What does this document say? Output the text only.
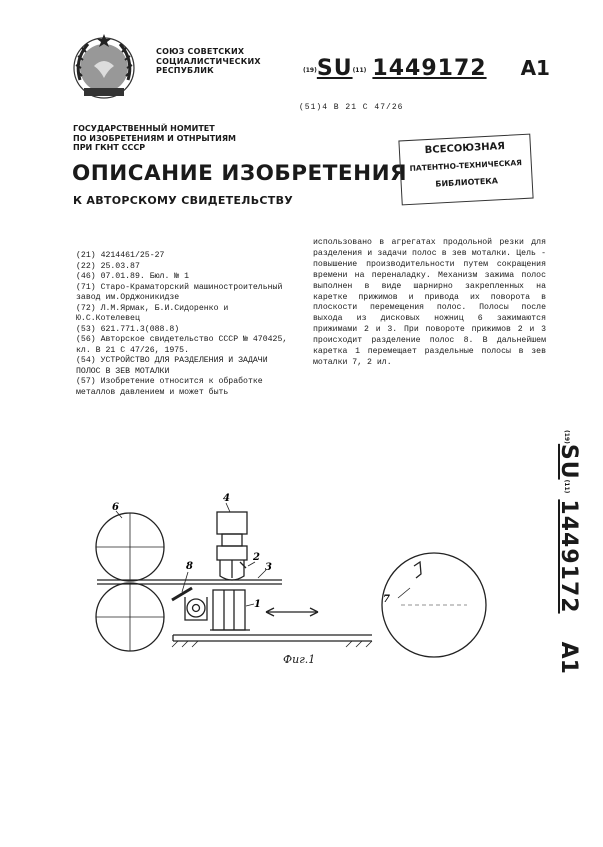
СОЮЗ СОВЕТСКИХ
СОЦИАЛИСТИЧЕСКИХ
РЕСПУБЛИК	(19)SU(11) 1449172 A1
(51)4 В 21 С 47/26
ГОСУДАРСТВЕННЫЙ НОМИТЕТ
ПО ИЗОБРЕТЕНИЯМ И ОТНРЫТИЯМ
ПРИ ГКНТ СССР
ОПИСАНИЕ ИЗОБРЕТЕНИЯ
К АВТОРСКОМУ СВИДЕТЕЛЬСТВУ
ВСЕСОЮЗНАЯ
ПАТЕНТНО-ТЕХНИЧЕСКАЯ
БИБЛИОТЕКА
(21) 4214461/25-27
(22) 25.03.87
(46) 07.01.89. Бюл. № 1
(71) Старо-Краматорский машиностроительный завод им.Орджоникидзе
(72) Л.М.Ярмак, Б.И.Сидоренко и Ю.С.Котелевец
(53) 621.771.3(088.8)
(56) Авторское свидетельство СССР № 470425, кл. В 21 С 47/26, 1975.
(54) УСТРОЙСТВО ДЛЯ РАЗДЕЛЕНИЯ И ЗАДАЧИ ПОЛОС В ЗЕВ МОТАЛКИ
(57) Изобретение относится к обработке металлов давлением и может быть
использовано в агрегатах продольной резки для разделения и задачи полос в зев моталки. Цель - повышение производительности путем сокращения времени на переналадку. Механизм зажима полос выполнен в виде шарнирно закрепленных на каретке прижимов и привода их поворота в плоскости перемещения полос. Полосы после выхода из дисковых ножниц 6 зажимаются прижимами 2 и 3. При повороте прижимов 2 и 3 происходит разделение полос 8. В дальнейшем каретка 1 перемещает раздельные полосы в зев моталки 7, 2 ил.
(19)SU(11)1449172A1
6
4
8
2
3
1	7
Фиг.1
